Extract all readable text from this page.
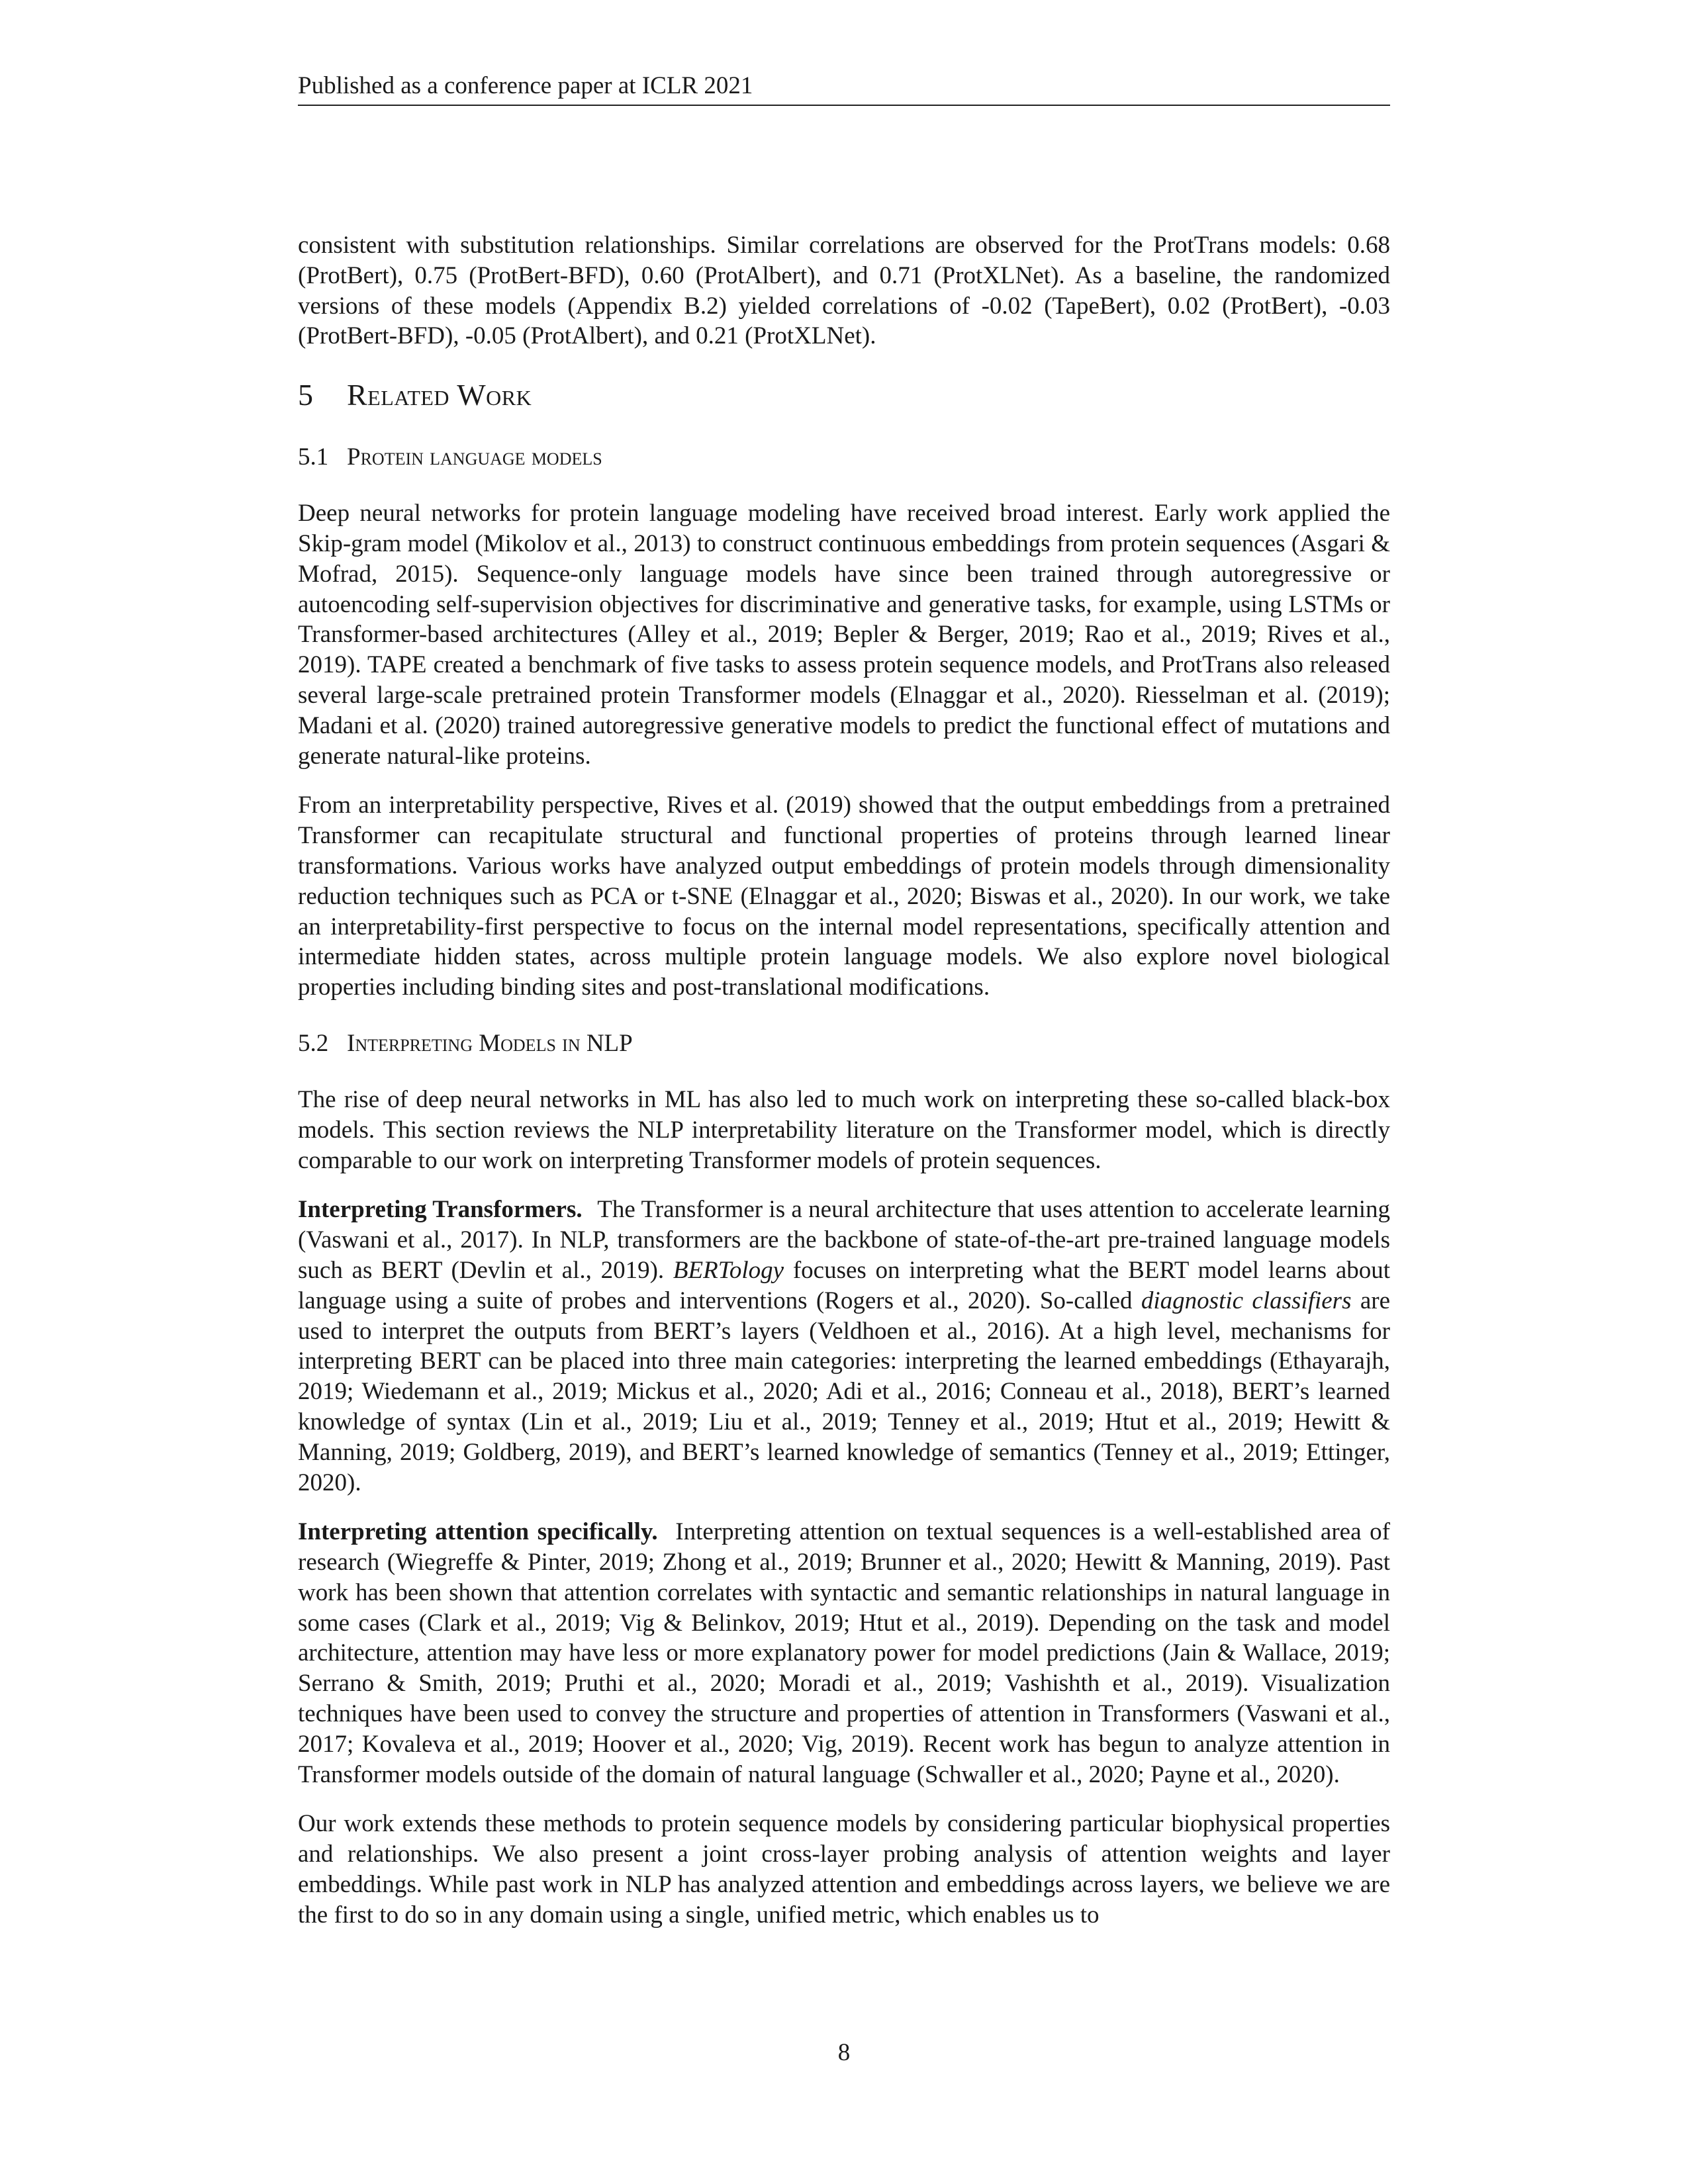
Published as a conference paper at ICLR 2021

consistent with substitution relationships. Similar correlations are observed for the ProtTrans models: 0.68 (ProtBert), 0.75 (ProtBert-BFD), 0.60 (ProtAlbert), and 0.71 (ProtXLNet). As a baseline, the randomized versions of these models (Appendix B.2) yielded correlations of -0.02 (TapeBert), 0.02 (ProtBert), -0.03 (ProtBert-BFD), -0.05 (ProtAlbert), and 0.21 (ProtXLNet).

5 Related Work
5.1 Protein language models

Deep neural networks for protein language modeling have received broad interest. Early work applied the Skip-gram model (Mikolov et al., 2013) to construct continuous embeddings from protein sequences (Asgari & Mofrad, 2015). Sequence-only language models have since been trained through autoregressive or autoencoding self-supervision objectives for discriminative and generative tasks, for example, using LSTMs or Transformer-based architectures (Alley et al., 2019; Bepler & Berger, 2019; Rao et al., 2019; Rives et al., 2019). TAPE created a benchmark of five tasks to assess protein sequence models, and ProtTrans also released several large-scale pretrained protein Transformer models (Elnaggar et al., 2020). Riesselman et al. (2019); Madani et al. (2020) trained autoregressive generative models to predict the functional effect of mutations and generate natural-like proteins.

From an interpretability perspective, Rives et al. (2019) showed that the output embeddings from a pretrained Transformer can recapitulate structural and functional properties of proteins through learned linear transformations. Various works have analyzed output embeddings of protein models through dimensionality reduction techniques such as PCA or t-SNE (Elnaggar et al., 2020; Biswas et al., 2020). In our work, we take an interpretability-first perspective to focus on the internal model representations, specifically attention and intermediate hidden states, across multiple protein language models. We also explore novel biological properties including binding sites and post-translational modifications.

5.2 Interpreting Models in NLP

The rise of deep neural networks in ML has also led to much work on interpreting these so-called black-box models. This section reviews the NLP interpretability literature on the Transformer model, which is directly comparable to our work on interpreting Transformer models of protein sequences.

Interpreting Transformers. The Transformer is a neural architecture that uses attention to accelerate learning (Vaswani et al., 2017). In NLP, transformers are the backbone of state-of-the-art pre-trained language models such as BERT (Devlin et al., 2019). BERTology focuses on interpreting what the BERT model learns about language using a suite of probes and interventions (Rogers et al., 2020). So-called diagnostic classifiers are used to interpret the outputs from BERT’s layers (Veldhoen et al., 2016). At a high level, mechanisms for interpreting BERT can be placed into three main categories: interpreting the learned embeddings (Ethayarajh, 2019; Wiedemann et al., 2019; Mickus et al., 2020; Adi et al., 2016; Conneau et al., 2018), BERT’s learned knowledge of syntax (Lin et al., 2019; Liu et al., 2019; Tenney et al., 2019; Htut et al., 2019; Hewitt & Manning, 2019; Goldberg, 2019), and BERT’s learned knowledge of semantics (Tenney et al., 2019; Ettinger, 2020).

Interpreting attention specifically. Interpreting attention on textual sequences is a well-established area of research (Wiegreffe & Pinter, 2019; Zhong et al., 2019; Brunner et al., 2020; Hewitt & Manning, 2019). Past work has been shown that attention correlates with syntactic and semantic relationships in natural language in some cases (Clark et al., 2019; Vig & Belinkov, 2019; Htut et al., 2019). Depending on the task and model architecture, attention may have less or more explanatory power for model predictions (Jain & Wallace, 2019; Serrano & Smith, 2019; Pruthi et al., 2020; Moradi et al., 2019; Vashishth et al., 2019). Visualization techniques have been used to convey the structure and properties of attention in Transformers (Vaswani et al., 2017; Kovaleva et al., 2019; Hoover et al., 2020; Vig, 2019). Recent work has begun to analyze attention in Transformer models outside of the domain of natural language (Schwaller et al., 2020; Payne et al., 2020).

Our work extends these methods to protein sequence models by considering particular biophysical properties and relationships. We also present a joint cross-layer probing analysis of attention weights and layer embeddings. While past work in NLP has analyzed attention and embeddings across layers, we believe we are the first to do so in any domain using a single, unified metric, which enables us to

8
